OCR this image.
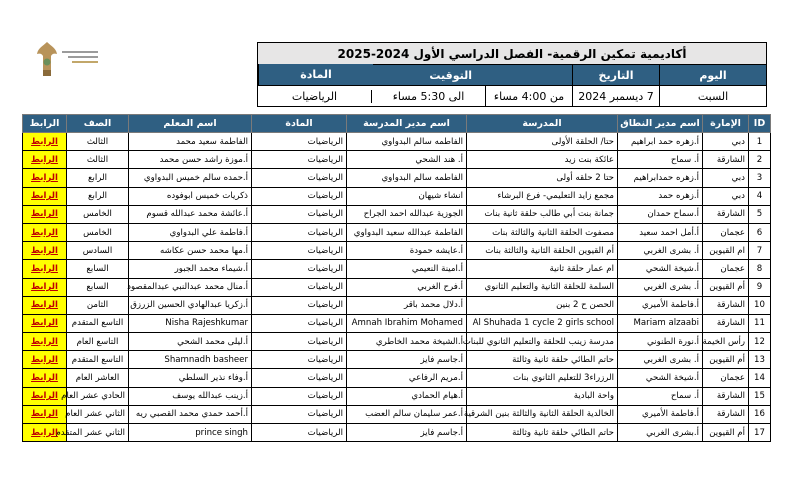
أكاديمية تمكين الرقمية- الفصل الدراسي الأول 2024-2025			
اليوم	التاريخ	التوقيت	

السبت	7 ديسمبر 2024	من 4:00 مساء	الى 5:30 مساء
الرياضيات
المادة
ID	الإمارة	اسم مدير النطاق	المدرسة	اسم مدير المدرسة	المادة	اسم المعلم	الصف	الرابط
1	دبي	أ.زهره حمد ابراهيم	حتا/ الحلقة الأولى	الفاطمه سالم البدواوي	الرياضيات	الفاطمة سعيد محمد	الثالث	الرابط
2	الشارقة	أ. سماح	عائكة بنت زيد	أ. هند الشحي	الرياضيات	أ.موزة راشد حسن محمد	الثالث	الرابط
3	دبي	أ.زهره حمدابراهيم	حتا 2 حلقه أولى	الفاطمه سالم البدواوي	الرياضيات	أ.حمده سالم خميس البدواوي	الرابع	الرابط
4	دبي	أ.زهره حمد	مجمع زايد التعليمي- فرع البرشاء	انشاء شيهان	الرياضيات	ذكريات خميس ابوفوده	الرابع	الرابط
5	الشارقة	أ.سماح حمدان	جمانة بنت أبي طالب حلقة ثانية بنات	الجوزية عبدالله احمد الجراح	الرياضيات	أ.عائشة محمد عبدالله قسوم	الخامس	الرابط
6	عجمان	أ.أمل احمد سعيد	مصفوت الحلقة الثانية والثالثة بنات	الفاطمة عبدالله سعيد البدواوي	الرياضيات	أ.فاطمة علي البدواوي	الخامس	الرابط
7	ام القيوين	أ. بشرى الغربي	أم القيوين الحلقة الثانية والثالثة بنات	أ.عايشه حمودة	الرياضيات	أ.مها محمد حسن عكاشه	السادس	الرابط
8	عجمان	أ.شيخة الشحي	ام عمار حلقة ثانية	أ.امينة النعيمي	الرياضيات	أ.شيماء محمد الجبور	السابع	الرابط
9	أم القيوين	أ. بشرى الغربي	السلمة للحلقة الثانية والتعليم الثانوي	أ.فرح الغربي	الرياضيات	أ.منال محمد عبدالنبي عبدالمقصود	السابع	الرابط
10	الشارقة	أ.فاطمة الأميري	الحصن ح 2 بنين	أ.دلال محمد باقر	الرياضيات	أ.زكريا عبدالهادي الحسين الزرزق	الثامن	الرابط
11	الشارقة	Mariam alzaabi	Al Shuhada 1 cycle 2 girls school	Amnah Ibrahim Mohamed	الرياضيات	Nisha Rajeshkumar	التاسع المتقدم	الرابط
12	رأس الخيمة	أ.نورة الطنوني	مدرسة زينب للحلقة والتعليم الثانوي للبنات	أ.الشيخة محمد الخاطري	الرياضيات	أ.ليلى محمد الشحي	التاسع العام	الرابط
13	أم القيوين	أ. بشرى الغربي	حاتم الطائي حلقة ثانية وثالثة	أ.جاسم فايز	الرياضيات	Shamnadh basheer	التاسع المتقدم	الرابط
14	عجمان	أ.شيخة الشحي	الرزراء3 للتعليم الثانوي بنات	أ.مريم الرفاعي	الرياضيات	أ.وفاء نذير السلطي	العاشر العام	الرابط
15	الشارقة	أ. سماح	واحة البادية	أ.هيام الحمادي	الرياضيات	أ.زينب عبدالله يوسف	الحادي عشر العام	الرابط
16	الشارقة	أ.فاطمة الأميري	الخالدية الحلقة الثانية والثالثة بنين الشرقية	أ.عمر سليمان سالم العضب	الرياضيات	أ.أحمد حمدي محمد القصبي ريه	الثاني عشر العام	الرابط
17	أم القيوين	أ.بشرى الغربي	حاتم الطائي حلقة ثانية وثالثة	أ.جاسم فايز	الرياضيات	prince singh	الثاني عشر المتقدم	الرابط
